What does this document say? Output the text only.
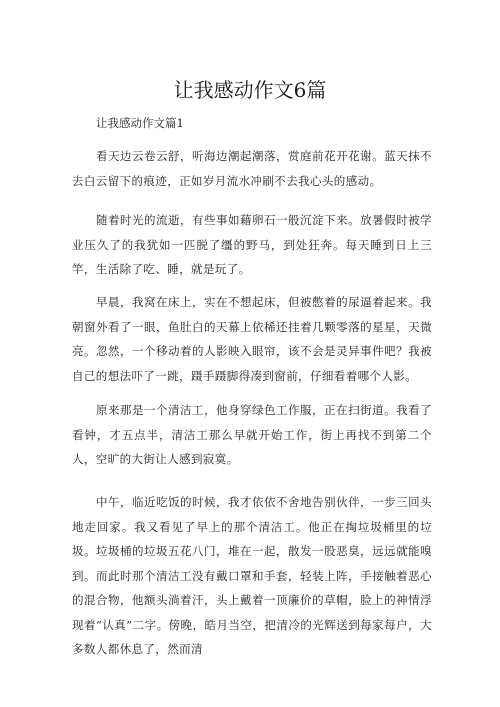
让我感动作文6篇

让我感动作文篇1

看天边云卷云舒，听海边潮起潮落，赏庭前花开花谢。蓝天抹不去白云留下的痕迹，正如岁月流水冲刷不去我心头的感动。

随着时光的流逝，有些事如藉卵石一般沉淀下来。放暑假时被学业压久了的我犹如一匹脱了缰的野马，到处狂奔。每天睡到日上三竿，生活除了吃、睡，就是玩了。

早晨，我窝在床上，实在不想起床，但被憋着的尿逼着起来。我朝窗外看了一眼，鱼肚白的天幕上依稀还挂着几颗零落的星星，天微亮。忽然，一个移动着的人影映入眼帘，该不会是灵异事件吧？我被自己的想法吓了一跳，蹑手蹑脚得凑到窗前，仔细看着哪个人影。

原来那是一个清洁工，他身穿绿色工作服，正在扫街道。我看了看钟，才五点半，清洁工那么早就开始工作，街上再找不到第二个人，空旷的大街让人感到寂寞。

中午，临近吃饭的时候，我才依依不舍地告别伙伴，一步三回头地走回家。我又看见了早上的那个清洁工。他正在掏垃圾桶里的垃圾。垃圾桶的垃圾五花八门，堆在一起，散发一股恶臭，远远就能嗅到。而此时那个清洁工没有戴口罩和手套，轻装上阵，手接触着恶心的混合物，他额头淌着汗，头上戴着一顶廉价的草帽，脸上的神情浮现着“认真”二字。傍晚，皓月当空，把清冷的光辉送到每家每户，大多数人都休息了，然而清
